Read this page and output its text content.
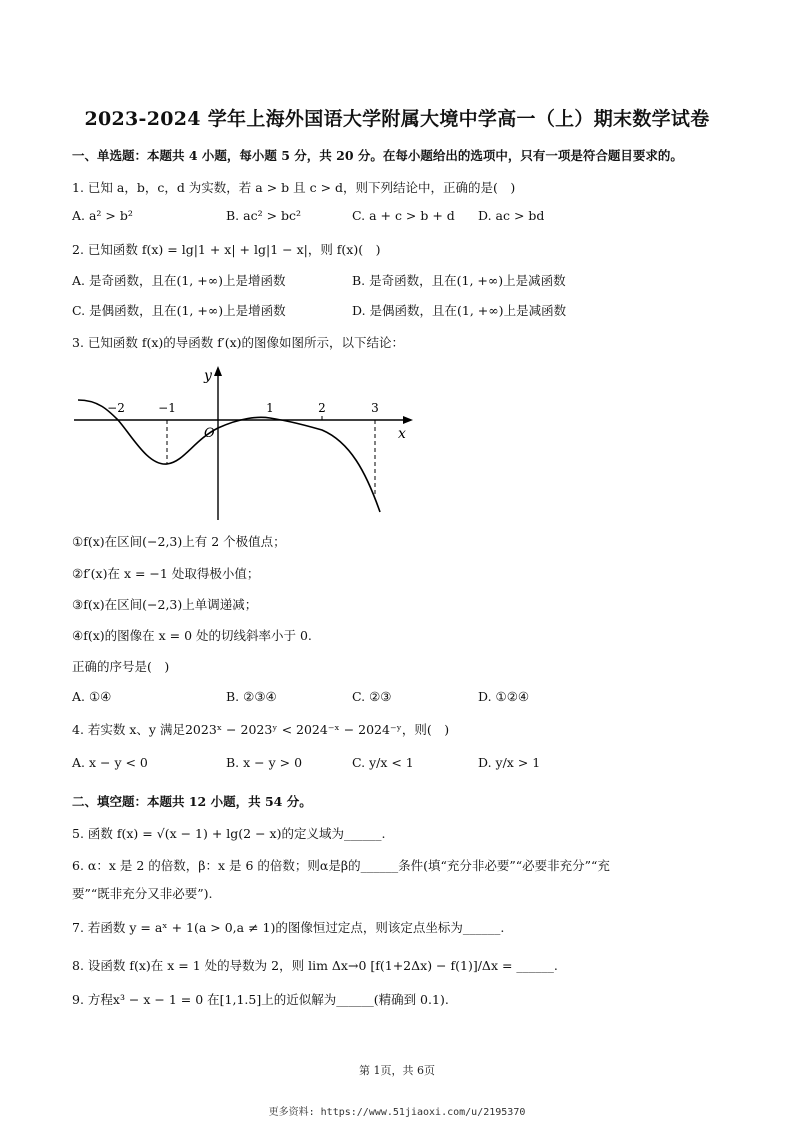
2023-2024 学年上海外国语大学附属大境中学高一（上）期末数学试卷
一、单选题：本题共 4 小题，每小题 5 分，共 20 分。在每小题给出的选项中，只有一项是符合题目要求的。
1. 已知 a，b，c，d 为实数，若 a > b 且 c > d，则下列结论中，正确的是(　)
A. a² > b²	B. ac² > bc²	C. a + c > b + d D. ac > bd
2. 已知函数 f(x) = lg|1 + x| + lg|1 − x|，则 f(x)(　)
A. 是奇函数，且在(1, +∞)上是增函数	B. 是奇函数，且在(1, +∞)上是减函数
C. 是偶函数，且在(1, +∞)上是增函数	D. 是偶函数，且在(1, +∞)上是减函数
3. 已知函数 f(x)的导函数 f′(x)的图像如图所示，以下结论：
−2	−1	1	2	3
O	x
y
①f(x)在区间(−2,3)上有 2 个极值点；
②f′(x)在 x = −1 处取得极小值；
③f(x)在区间(−2,3)上单调递减；
④f(x)的图像在 x = 0 处的切线斜率小于 0.
正确的序号是(　)
A. ①④	B. ②③④	C. ②③	D. ①②④
4. 若实数 x、y 满足2023ˣ − 2023ʸ < 2024⁻ˣ − 2024⁻ʸ，则(　)
A. x − y < 0	B. x − y > 0	C. y/x < 1	D. y/x > 1
二、填空题：本题共 12 小题，共 54 分。
5. 函数 f(x) = √(x − 1) + lg(2 − x)的定义域为______.
6. α：x 是 2 的倍数，β：x 是 6 的倍数；则α是β的______条件(填“充分非必要”“必要非充分”“充
要”“既非充分又非必要”).
7. 若函数 y = aˣ + 1(a > 0,a ≠ 1)的图像恒过定点，则该定点坐标为______.
8. 设函数 f(x)在 x = 1 处的导数为 2，则 lim Δx→0 [f(1+2Δx) − f(1)]/Δx = ______.
9. 方程x³ − x − 1 = 0 在[1,1.5]上的近似解为______(精确到 0.1).
第 1页，共 6页
更多资料: https://www.51jiaoxi.com/u/2195370
